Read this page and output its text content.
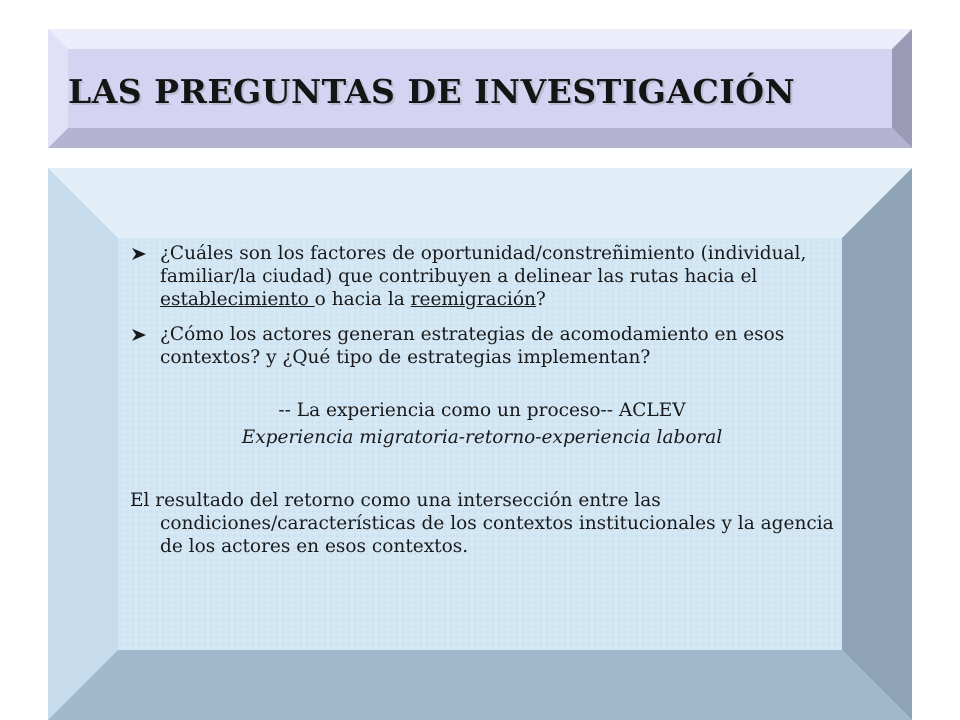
LAS PREGUNTAS DE INVESTIGACIÓN
¿Cuáles son los factores de oportunidad/constreñimiento (individual, familiar/la ciudad) que contribuyen a delinear las rutas hacia el establecimiento o hacia la reemigración?
¿Cómo los actores generan estrategias de acomodamiento en esos contextos? y ¿Qué tipo de estrategias implementan?
-- La experiencia como un proceso-- ACLEV
Experiencia migratoria-retorno-experiencia laboral
El resultado del retorno como una intersección entre las condiciones/características de los contextos institucionales y la agencia de los actores en esos contextos.
